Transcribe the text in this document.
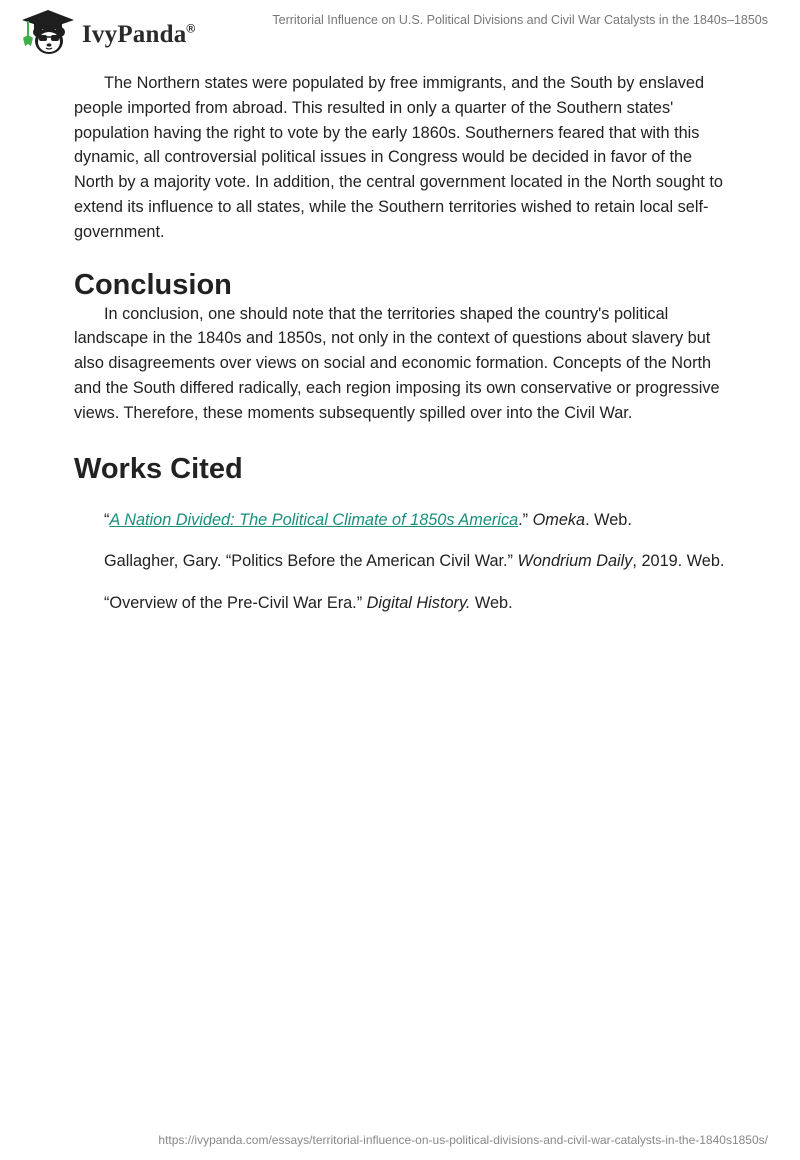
IvyPanda®
Territorial Influence on U.S. Political Divisions and Civil War Catalysts in the 1840s–1850s

The Northern states were populated by free immigrants, and the South by enslaved people imported from abroad. This resulted in only a quarter of the Southern states' population having the right to vote by the early 1860s. Southerners feared that with this dynamic, all controversial political issues in Congress would be decided in favor of the North by a majority vote. In addition, the central government located in the North sought to extend its influence to all states, while the Southern territories wished to retain local self-government.

Conclusion

In conclusion, one should note that the territories shaped the country's political landscape in the 1840s and 1850s, not only in the context of questions about slavery but also disagreements over views on social and economic formation. Concepts of the North and the South differed radically, each region imposing its own conservative or progressive views. Therefore, these moments subsequently spilled over into the Civil War.

Works Cited

“A Nation Divided: The Political Climate of 1850s America.” Omeka. Web.

Gallagher, Gary. “Politics Before the American Civil War.” Wondrium Daily, 2019. Web.

“Overview of the Pre-Civil War Era.” Digital History. Web.

https://ivypanda.com/essays/territorial-influence-on-us-political-divisions-and-civil-war-catalysts-in-the-1840s1850s/
